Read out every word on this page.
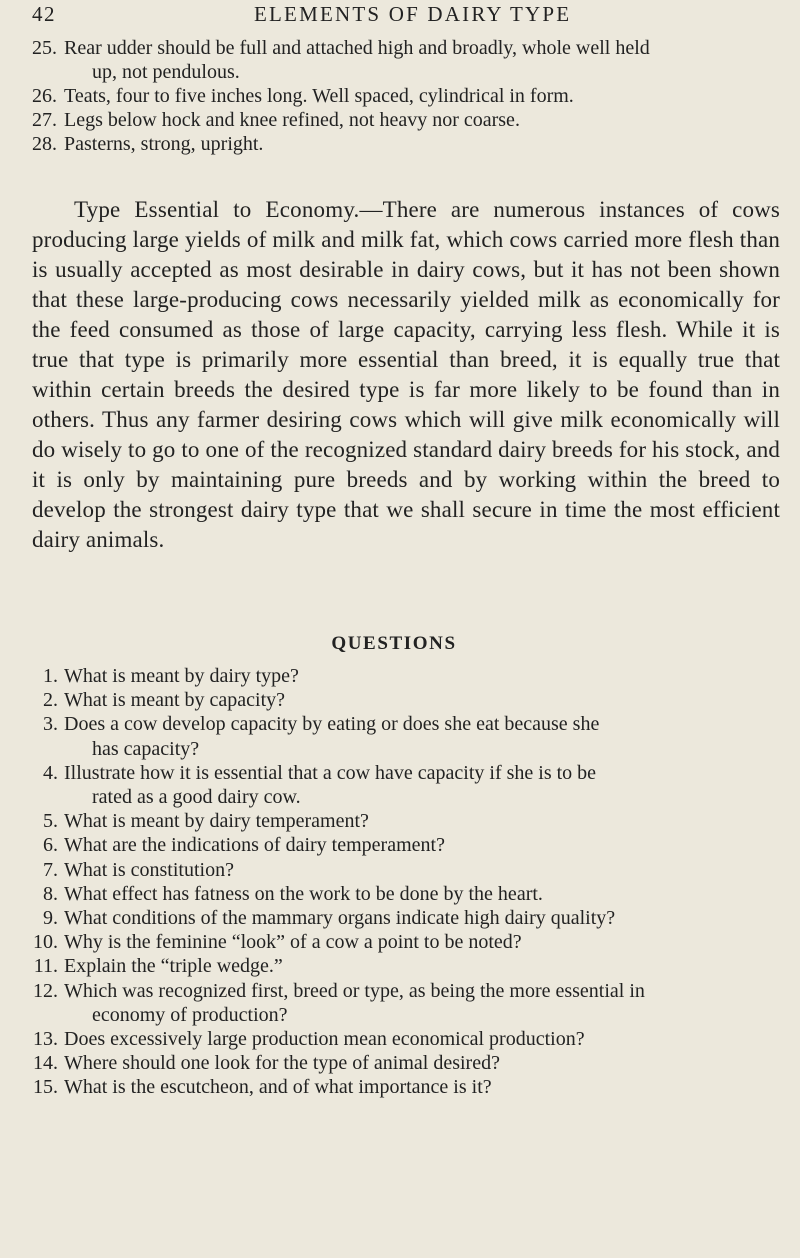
42	ELEMENTS OF DAIRY TYPE
25. Rear udder should be full and attached high and broadly, whole well held
up, not pendulous.
26. Teats, four to five inches long. Well spaced, cylindrical in form.
27. Legs below hock and knee refined, not heavy nor coarse.
28. Pasterns, strong, upright.

Type Essential to Economy.—There are numerous instances of cows producing large yields of milk and milk fat, which cows carried more flesh than is usually accepted as most desirable in dairy cows, but it has not been shown that these large-producing cows necessarily yielded milk as economically for the feed consumed as those of large capacity, carrying less flesh. While it is true that type is primarily more essential than breed, it is equally true that within certain breeds the desired type is far more likely to be found than in others. Thus any farmer desiring cows which will give milk economically will do wisely to go to one of the recognized standard dairy breeds for his stock, and it is only by maintaining pure breeds and by working within the breed to develop the strongest dairy type that we shall secure in time the most efficient dairy animals.

QUESTIONS
1. What is meant by dairy type?
2. What is meant by capacity?
3. Does a cow develop capacity by eating or does she eat because she
has capacity?
4. Illustrate how it is essential that a cow have capacity if she is to be
rated as a good dairy cow.
5. What is meant by dairy temperament?
6. What are the indications of dairy temperament?
7. What is constitution?
8. What effect has fatness on the work to be done by the heart.
9. What conditions of the mammary organs indicate high dairy quality?
10. Why is the feminine “look” of a cow a point to be noted?
11. Explain the “triple wedge.”
12. Which was recognized first, breed or type, as being the more essential in
economy of production?
13. Does excessively large production mean economical production?
14. Where should one look for the type of animal desired?
15. What is the escutcheon, and of what importance is it?
